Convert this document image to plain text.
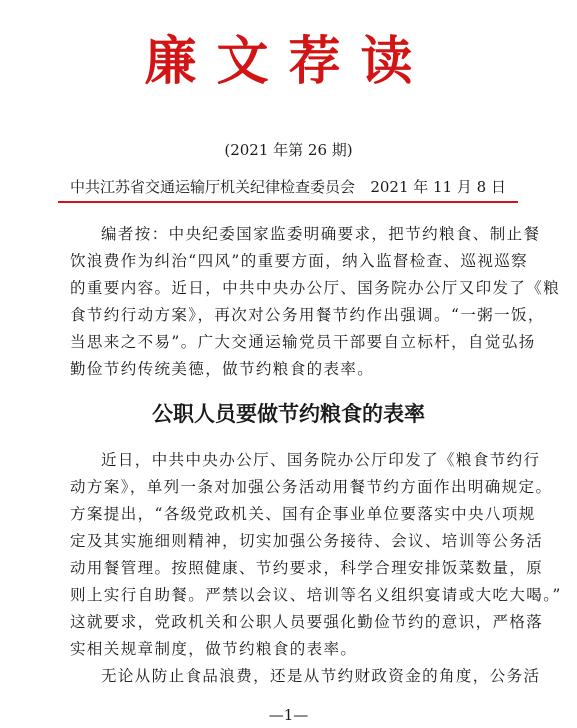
廉文荐读
(2021 年第 26 期)
中共江苏省交通运输厅机关纪律检查委员会 2021 年 11 月 8 日
编者按：中央纪委国家监委明确要求，把节约粮食、制止餐
饮浪费作为纠治“四风”的重要方面，纳入监督检查、巡视巡察
的重要内容。近日，中共中央办公厅、国务院办公厅又印发了《粮
食节约行动方案》，再次对公务用餐节约作出强调。“一粥一饭，
当思来之不易”。广大交通运输党员干部要自立标杆，自觉弘扬
勤俭节约传统美德，做节约粮食的表率。
公职人员要做节约粮食的表率
近日，中共中央办公厅、国务院办公厅印发了《粮食节约行
动方案》，单列一条对加强公务活动用餐节约方面作出明确规定。
方案提出，“各级党政机关、国有企事业单位要落实中央八项规
定及其实施细则精神，切实加强公务接待、会议、培训等公务活
动用餐管理。按照健康、节约要求，科学合理安排饭菜数量，原
则上实行自助餐。严禁以会议、培训等名义组织宴请或大吃大喝。”
这就要求，党政机关和公职人员要强化勤俭节约的意识，严格落
实相关规章制度，做节约粮食的表率。
无论从防止食品浪费，还是从节约财政资金的角度，公务活
—1—
